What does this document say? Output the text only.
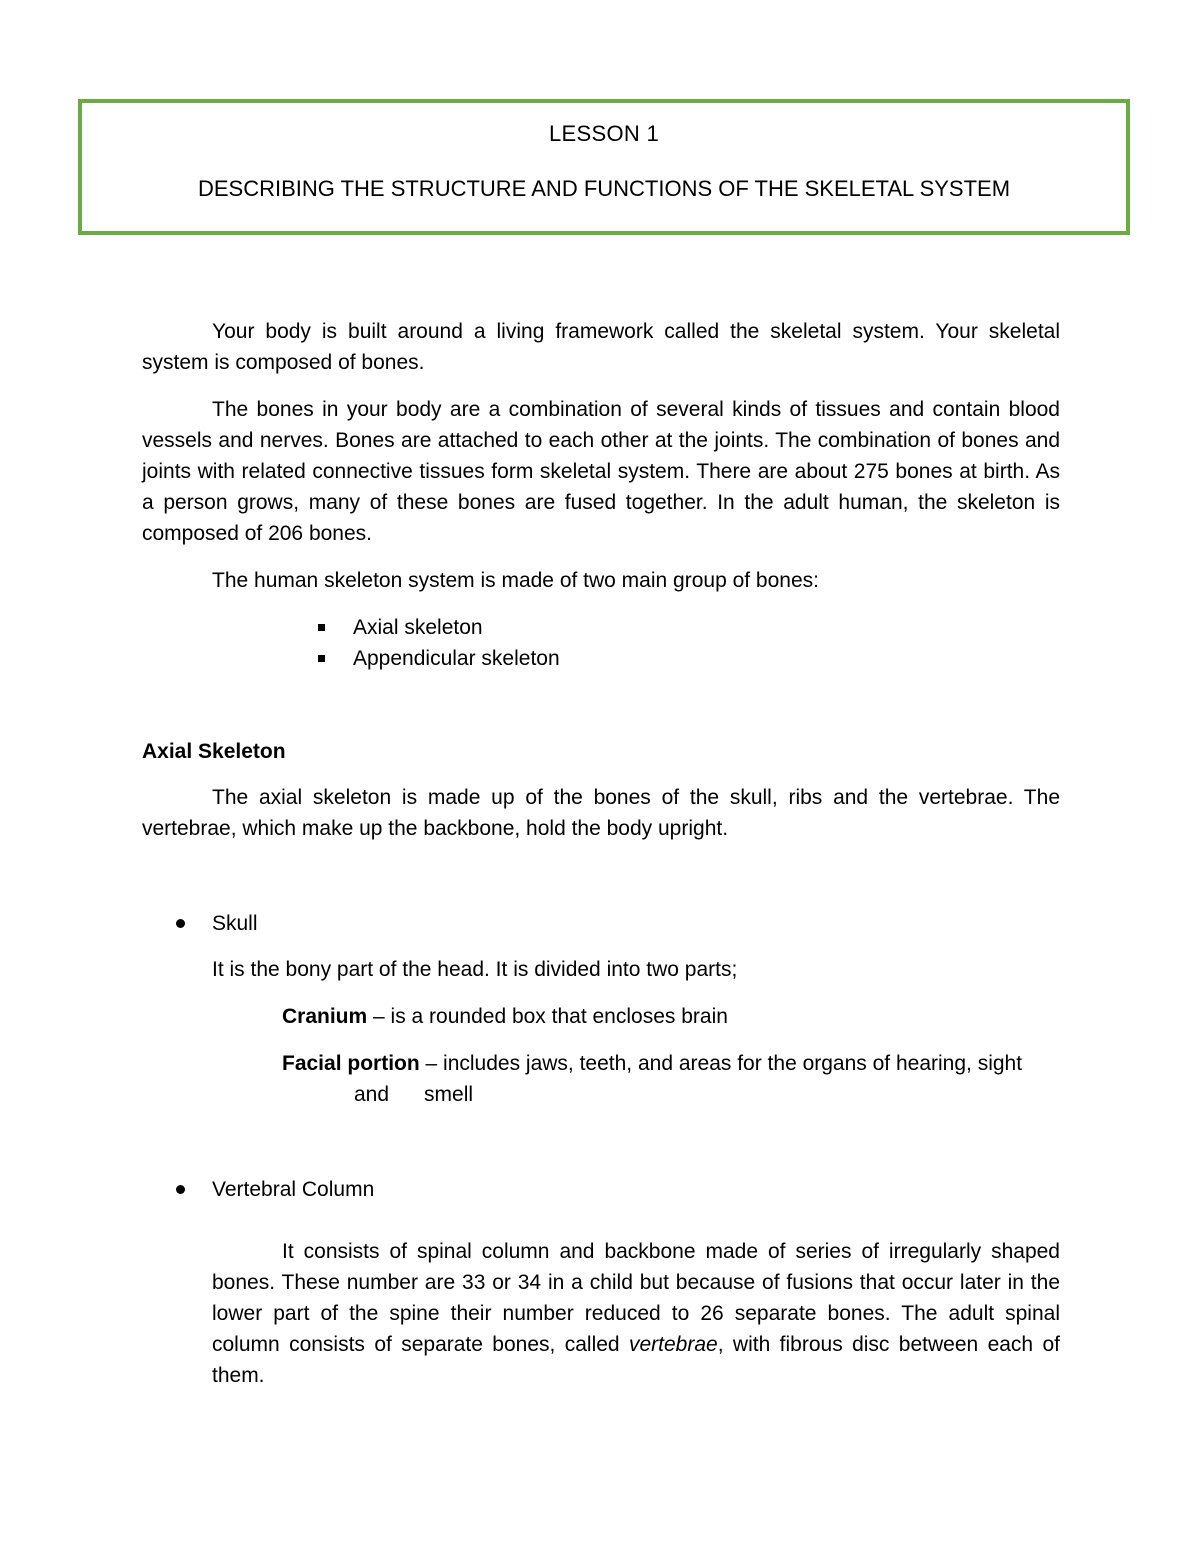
LESSON 1
DESCRIBING THE STRUCTURE AND FUNCTIONS OF THE SKELETAL SYSTEM
Your body is built around a living framework called the skeletal system. Your skeletal system is composed of bones.
The bones in your body are a combination of several kinds of tissues and contain blood vessels and nerves. Bones are attached to each other at the joints. The combination of bones and joints with related connective tissues form skeletal system. There are about 275 bones at birth. As a person grows, many of these bones are fused together. In the adult human, the skeleton is composed of 206 bones.
The human skeleton system is made of two main group of bones:
Axial skeleton
Appendicular skeleton
Axial Skeleton
The axial skeleton is made up of the bones of the skull, ribs and the vertebrae. The vertebrae, which make up the backbone, hold the body upright.
Skull
It is the bony part of the head. It is divided into two parts;
Cranium – is a rounded box that encloses brain
Facial portion – includes jaws, teeth, and areas for the organs of hearing, sight
and      smell
Vertebral Column
It consists of spinal column and backbone made of series of irregularly shaped bones. These number are 33 or 34 in a child but because of fusions that occur later in the lower part of the spine their number reduced to 26 separate bones. The adult spinal column consists of separate bones, called vertebrae, with fibrous disc between each of them.
